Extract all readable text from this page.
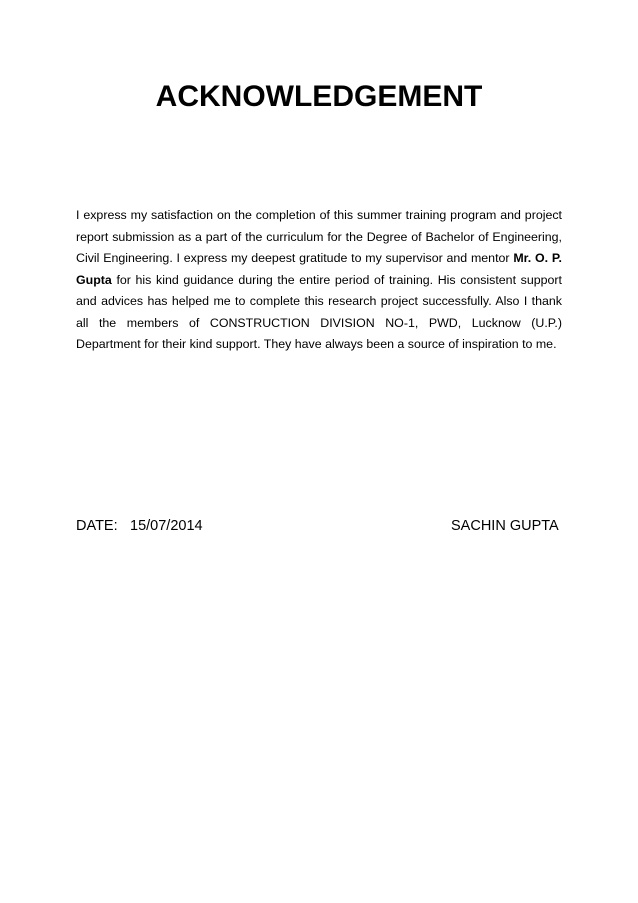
ACKNOWLEDGEMENT

I express my satisfaction on the completion of this summer training program and project report submission as a part of the curriculum for the Degree of Bachelor of Engineering, Civil Engineering. I express my deepest gratitude to my supervisor and mentor Mr. O. P. Gupta for his kind guidance during the entire period of training. His consistent support and advices has helped me to complete this research project successfully. Also I thank all the members of CONSTRUCTION DIVISION NO-1, PWD, Lucknow (U.P.) Department for their kind support. They have always been a source of inspiration to me.

DATE: 15/07/2014	SACHIN GUPTA
